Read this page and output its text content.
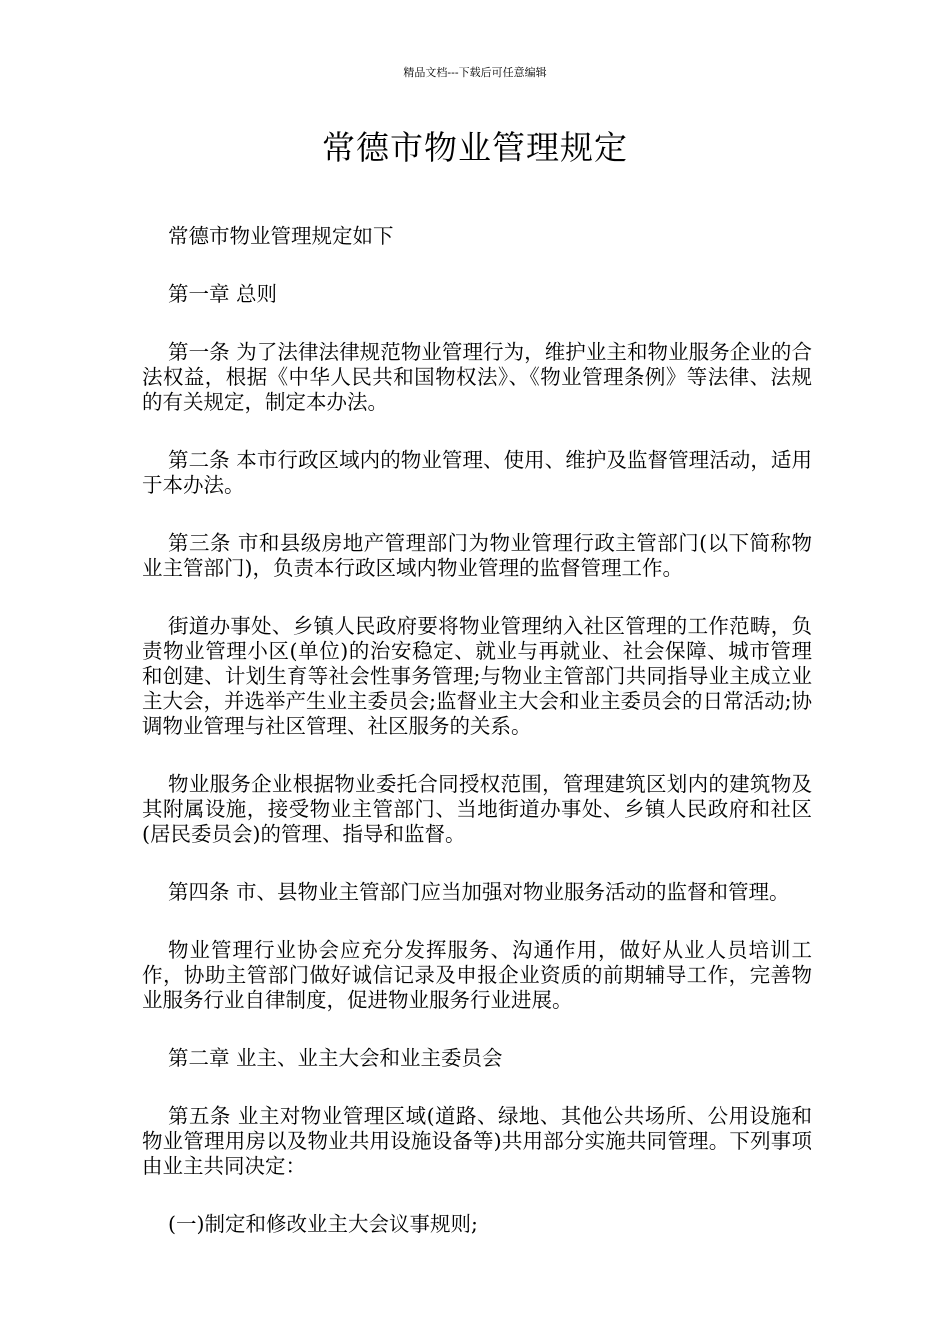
精品文档---下载后可任意编辑
常德市物业管理规定

常德市物业管理规定如下

第一章 总则

第一条 为了法律法律规范物业管理行为，维护业主和物业服务企业的合法权益，根据《中华人民共和国物权法》、《物业管理条例》等法律、法规的有关规定，制定本办法。

第二条 本市行政区域内的物业管理、使用、维护及监督管理活动，适用于本办法。

第三条 市和县级房地产管理部门为物业管理行政主管部门(以下简称物业主管部门)，负责本行政区域内物业管理的监督管理工作。

街道办事处、乡镇人民政府要将物业管理纳入社区管理的工作范畴，负责物业管理小区(单位)的治安稳定、就业与再就业、社会保障、城市管理和创建、计划生育等社会性事务管理;与物业主管部门共同指导业主成立业主大会，并选举产生业主委员会;监督业主大会和业主委员会的日常活动;协调物业管理与社区管理、社区服务的关系。

物业服务企业根据物业委托合同授权范围，管理建筑区划内的建筑物及其附属设施，接受物业主管部门、当地街道办事处、乡镇人民政府和社区(居民委员会)的管理、指导和监督。

第四条 市、县物业主管部门应当加强对物业服务活动的监督和管理。

物业管理行业协会应充分发挥服务、沟通作用，做好从业人员培训工作，协助主管部门做好诚信记录及申报企业资质的前期辅导工作，完善物业服务行业自律制度，促进物业服务行业进展。

第二章 业主、业主大会和业主委员会

第五条 业主对物业管理区域(道路、绿地、其他公共场所、公用设施和物业管理用房以及物业共用设施设备等)共用部分实施共同管理。下列事项由业主共同决定：

(一)制定和修改业主大会议事规则;
